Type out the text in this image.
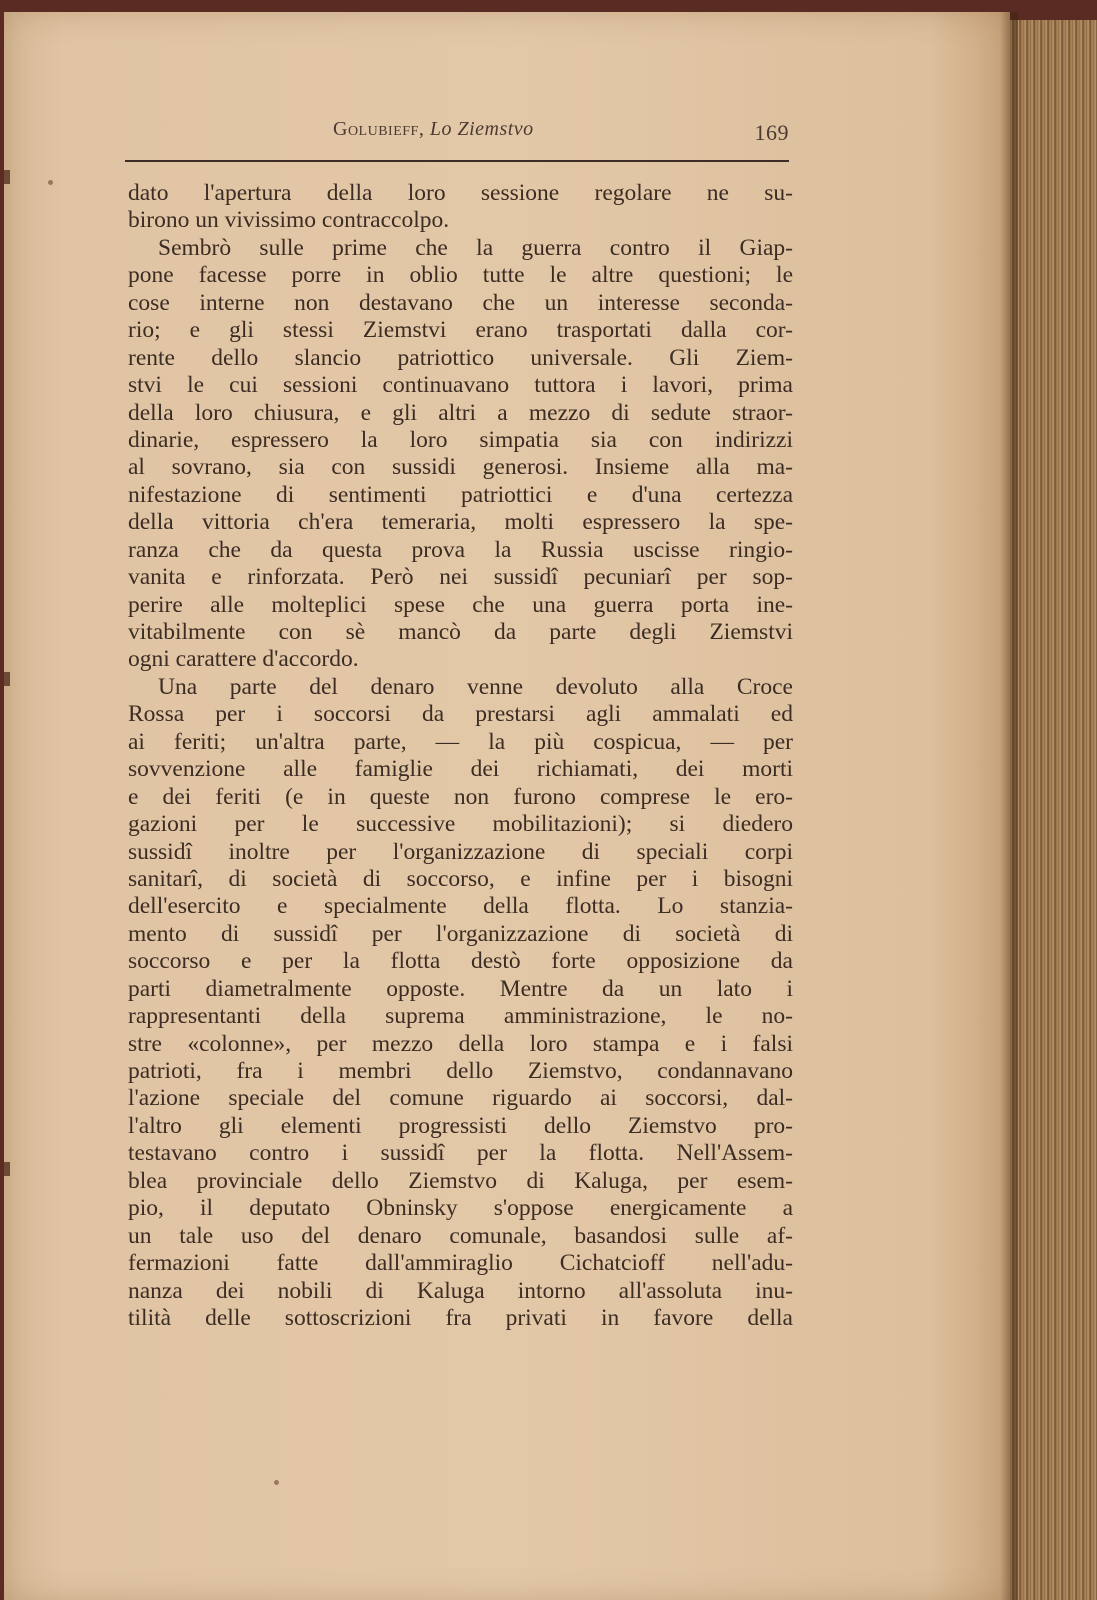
Golubieff, Lo Ziemstvo	169
dato l'apertura della loro sessione regolare ne su-
birono un vivissimo contraccolpo.
Sembrò sulle prime che la guerra contro il Giap-
pone facesse porre in oblio tutte le altre questioni; le
cose interne non destavano che un interesse seconda-
rio; e gli stessi Ziemstvi erano trasportati dalla cor-
rente dello slancio patriottico universale. Gli Ziem-
stvi le cui sessioni continuavano tuttora i lavori, prima
della loro chiusura, e gli altri a mezzo di sedute straor-
dinarie, espressero la loro simpatia sia con indirizzi
al sovrano, sia con sussidi generosi. Insieme alla ma-
nifestazione di sentimenti patriottici e d'una certezza
della vittoria ch'era temeraria, molti espressero la spe-
ranza che da questa prova la Russia uscisse ringio-
vanita e rinforzata. Però nei sussidî pecuniarî per sop-
perire alle molteplici spese che una guerra porta ine-
vitabilmente con sè mancò da parte degli Ziemstvi
ogni carattere d'accordo.
Una parte del denaro venne devoluto alla Croce
Rossa per i soccorsi da prestarsi agli ammalati ed
ai feriti; un'altra parte, — la più cospicua, — per
sovvenzione alle famiglie dei richiamati, dei morti
e dei feriti (e in queste non furono comprese le ero-
gazioni per le successive mobilitazioni); si diedero
sussidî inoltre per l'organizzazione di speciali corpi
sanitarî, di società di soccorso, e infine per i bisogni
dell'esercito e specialmente della flotta. Lo stanzia-
mento di sussidî per l'organizzazione di società di
soccorso e per la flotta destò forte opposizione da
parti diametralmente opposte. Mentre da un lato i
rappresentanti della suprema amministrazione, le no-
stre «colonne», per mezzo della loro stampa e i falsi
patrioti, fra i membri dello Ziemstvo, condannavano
l'azione speciale del comune riguardo ai soccorsi, dal-
l'altro gli elementi progressisti dello Ziemstvo pro-
testavano contro i sussidî per la flotta. Nell'Assem-
blea provinciale dello Ziemstvo di Kaluga, per esem-
pio, il deputato Obninsky s'oppose energicamente a
un tale uso del denaro comunale, basandosi sulle af-
fermazioni fatte dall'ammiraglio Cichatcioff nell'adu-
nanza dei nobili di Kaluga intorno all'assoluta inu-
tilità delle sottoscrizioni fra privati in favore della
